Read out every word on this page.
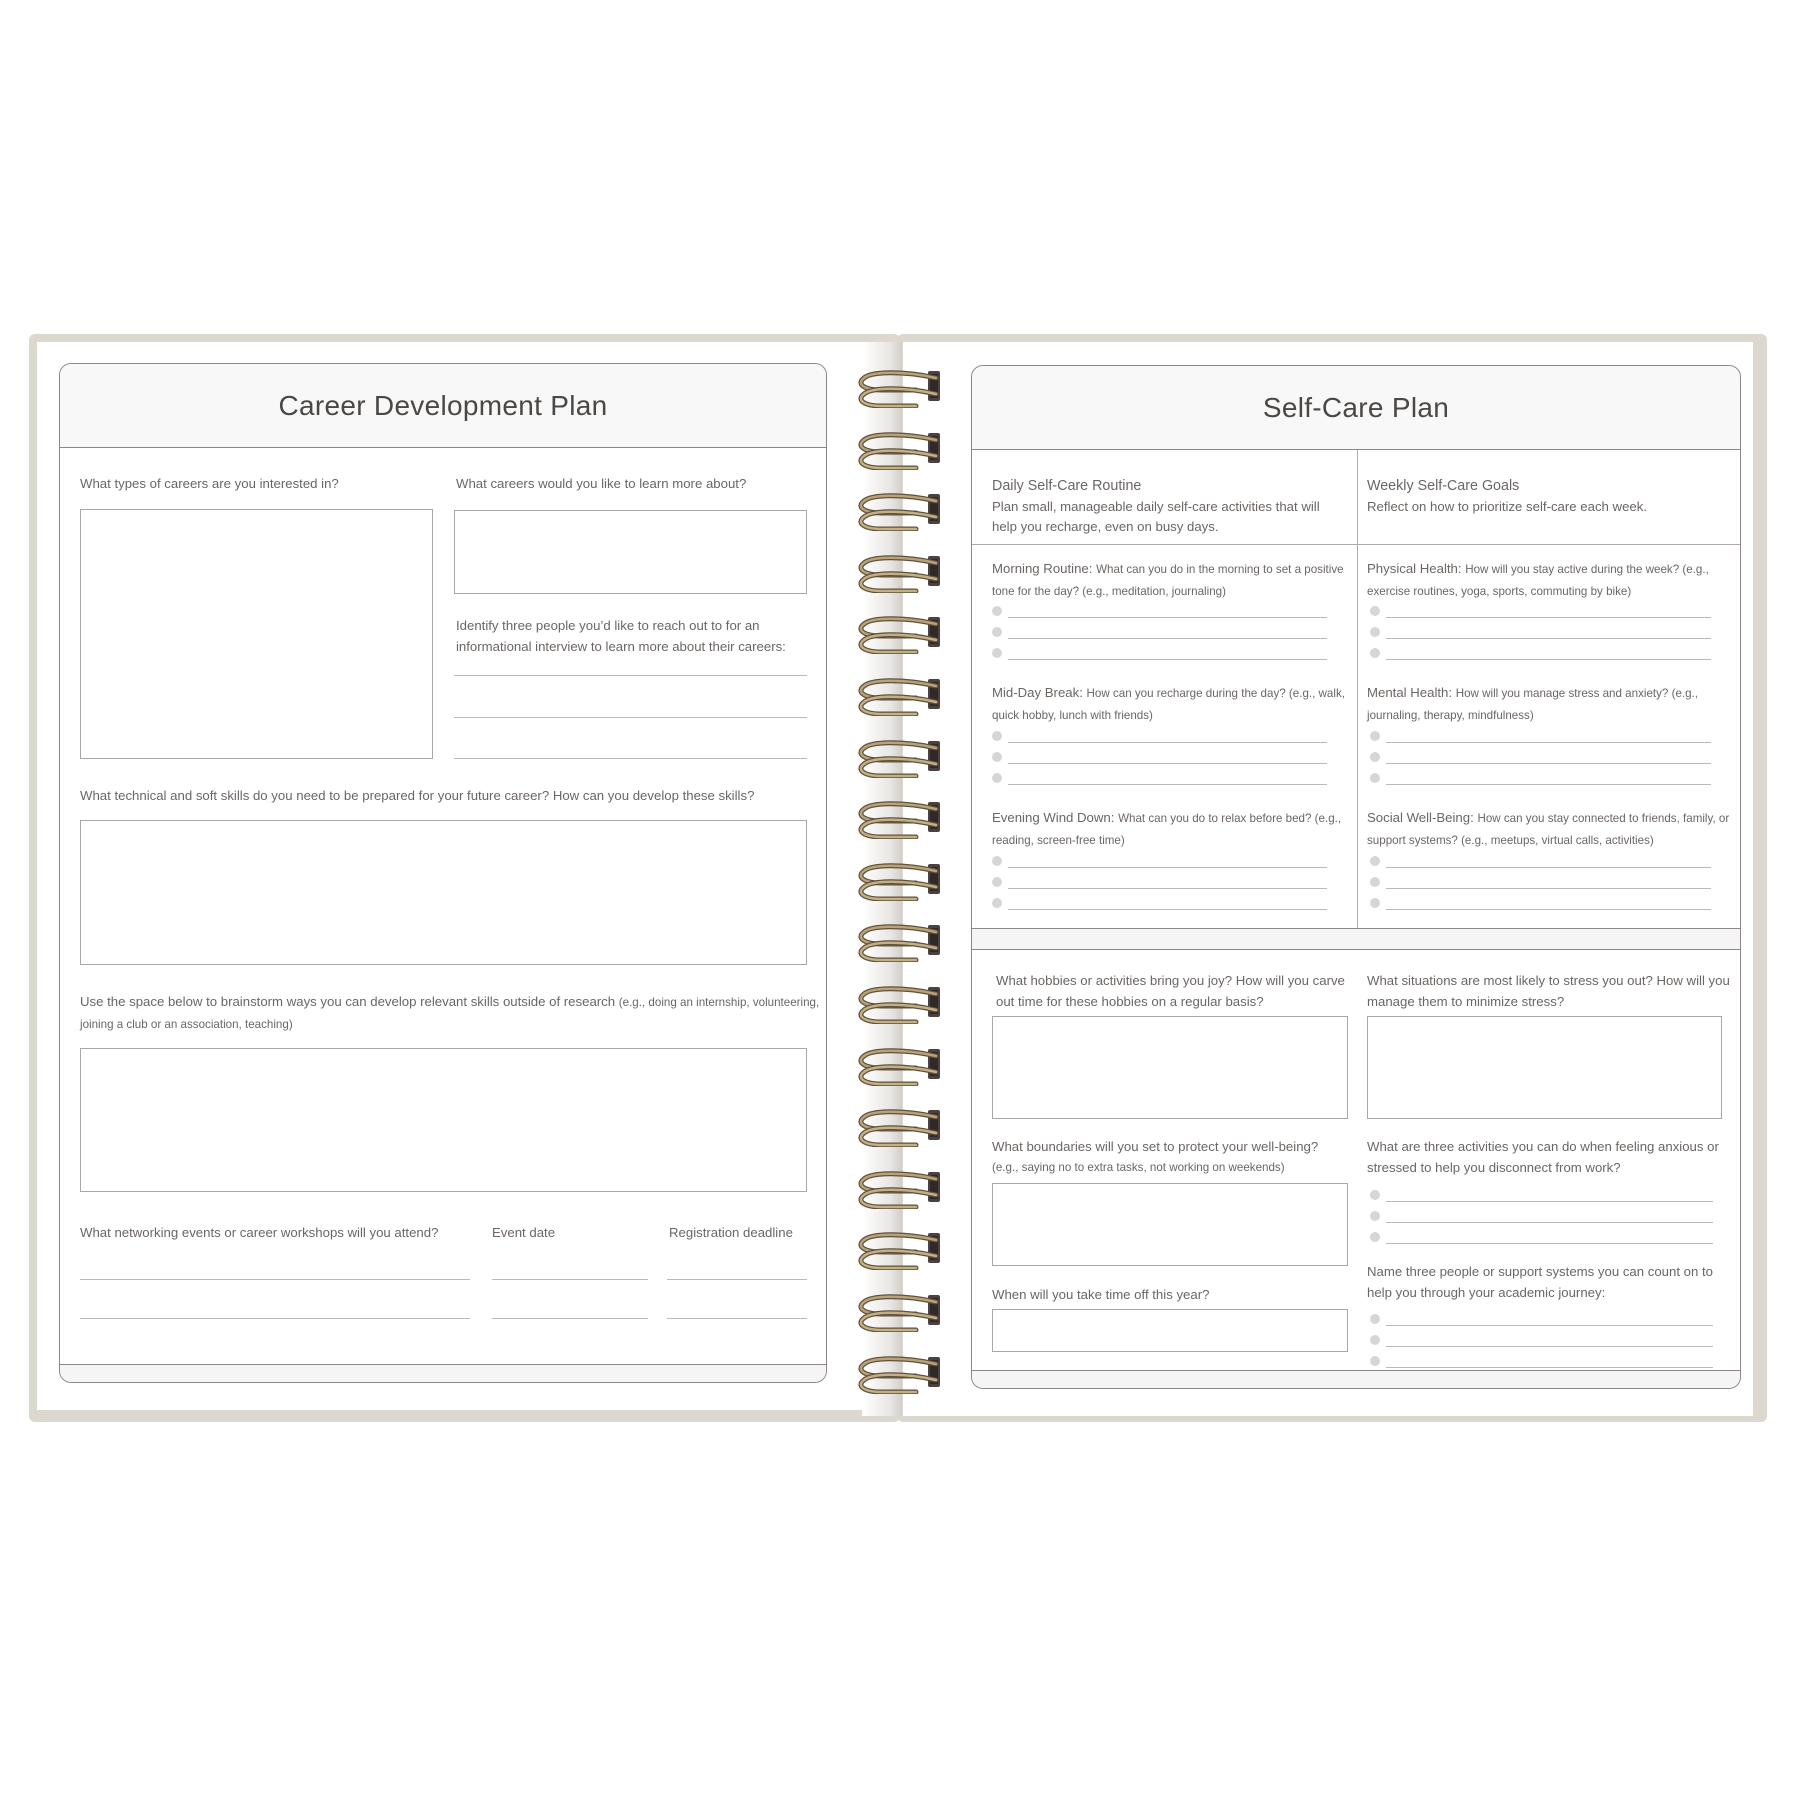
Career Development Plan
What types of careers are you interested in?	What careers would you like to learn more about?
Identify three people you’d like to reach out to for an informational interview to learn more about their careers:
What technical and soft skills do you need to be prepared for your future career? How can you develop these skills?
Use the space below to brainstorm ways you can develop relevant skills outside of research (e.g., doing an internship, volunteering, joining a club or an association, teaching)
What networking events or career workshops will you attend?	Event date	Registration deadline
Self-Care Plan
Daily Self-Care Routine
Plan small, manageable daily self-care activities that will help you recharge, even on busy days.
Weekly Self-Care Goals
Reflect on how to prioritize self-care each week.
Morning Routine: What can you do in the morning to set a positive tone for the day? (e.g., meditation, journaling)
Mid-Day Break: How can you recharge during the day? (e.g., walk, quick hobby, lunch with friends)
Evening Wind Down: What can you do to relax before bed? (e.g., reading, screen-free time)
Physical Health: How will you stay active during the week? (e.g., exercise routines, yoga, sports, commuting by bike)
Mental Health: How will you manage stress and anxiety? (e.g., journaling, therapy, mindfulness)
Social Well-Being: How can you stay connected to friends, family, or support systems? (e.g., meetups, virtual calls, activities)
What hobbies or activities bring you joy? How will you carve out time for these hobbies on a regular basis?
What situations are most likely to stress you out? How will you manage them to minimize stress?
What boundaries will you set to protect your well-being?
(e.g., saying no to extra tasks, not working on weekends)
What are three activities you can do when feeling anxious or stressed to help you disconnect from work?
When will you take time off this year?
Name three people or support systems you can count on to help you through your academic journey:
